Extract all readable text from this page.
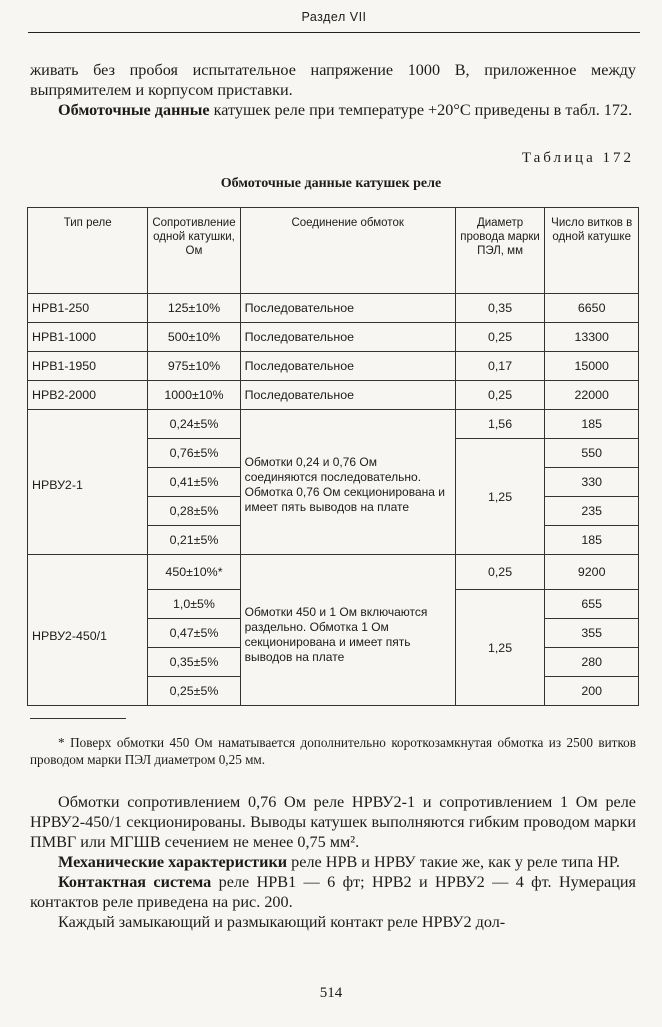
Раздел VII

живать без пробоя испытательное напряжение 1000 В, приложенное между выпрямителем и корпусом приставки.

Обмоточные данные катушек реле при температуре +20°С приведены в табл. 172.

Таблица 172
Обмоточные данные катушек реле
Тип реле	Сопротивление одной катушки, Ом	Соединение обмоток	Диаметр провода марки ПЭЛ, мм	Число витков в одной катушке
НРВ1-250	125±10%	Последовательное	0,35	6650
НРВ1-1000	500±10%	Последовательное	0,25	13300
НРВ1-1950	975±10%	Последовательное	0,17	15000
НРВ2-2000	1000±10%	Последовательное	0,25	22000
НРВУ2-1	0,24±5%	Обмотки 0,24 и 0,76 Ом соединяются последовательно. Обмотка 0,76 Ом секционирована и имеет пять выводов на плате	1,56	185
	0,76±5%		1,25	550
	0,41±5%			330
	0,28±5%			235
	0,21±5%			185
НРВУ2-450/1	450±10%*	Обмотки 450 и 1 Ом включаются раздельно. Обмотка 1 Ом секционирована и имеет пять выводов на плате	0,25	9200
	1,0±5%		1,25	655
	0,47±5%			355
	0,35±5%			280
	0,25±5%			200

* Поверх обмотки 450 Ом наматывается дополнительно короткозамкнутая обмотка из 2500 витков проводом марки ПЭЛ диаметром 0,25 мм.

Обмотки сопротивлением 0,76 Ом реле НРВУ2-1 и сопротивлением 1 Ом реле НРВУ2-450/1 секционированы. Выводы катушек выполняются гибким проводом марки ПМВГ или МГШВ сечением не менее 0,75 мм².

Механические характеристики реле НРВ и НРВУ такие же, как у реле типа НР.

Контактная система реле НРВ1 — 6 фт; НРВ2 и НРВУ2 — 4 фт. Нумерация контактов реле приведена на рис. 200.

Каждый замыкающий и размыкающий контакт реле НРВУ2 дол-

514
